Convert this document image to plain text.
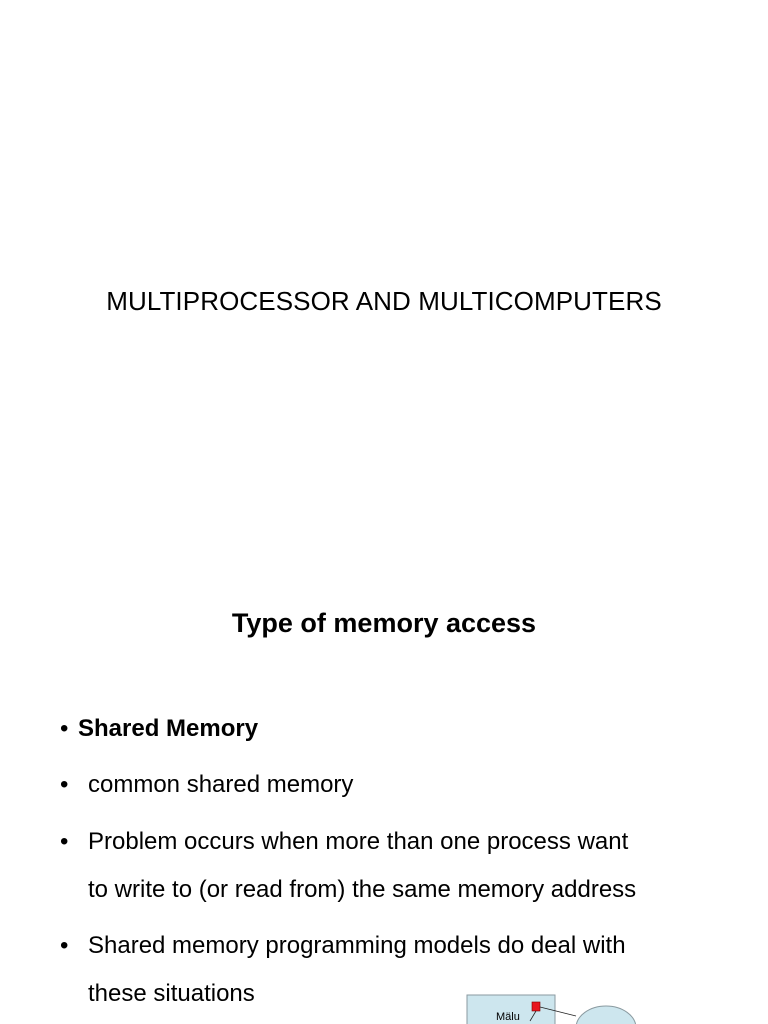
MULTIPROCESSOR AND MULTICOMPUTERS
Type of memory access
• Shared Memory
• common shared memory
• Problem occurs when more than one process want
to write to (or read from) the same memory address
• Shared memory programming models do deal with
these situations
Mälu
